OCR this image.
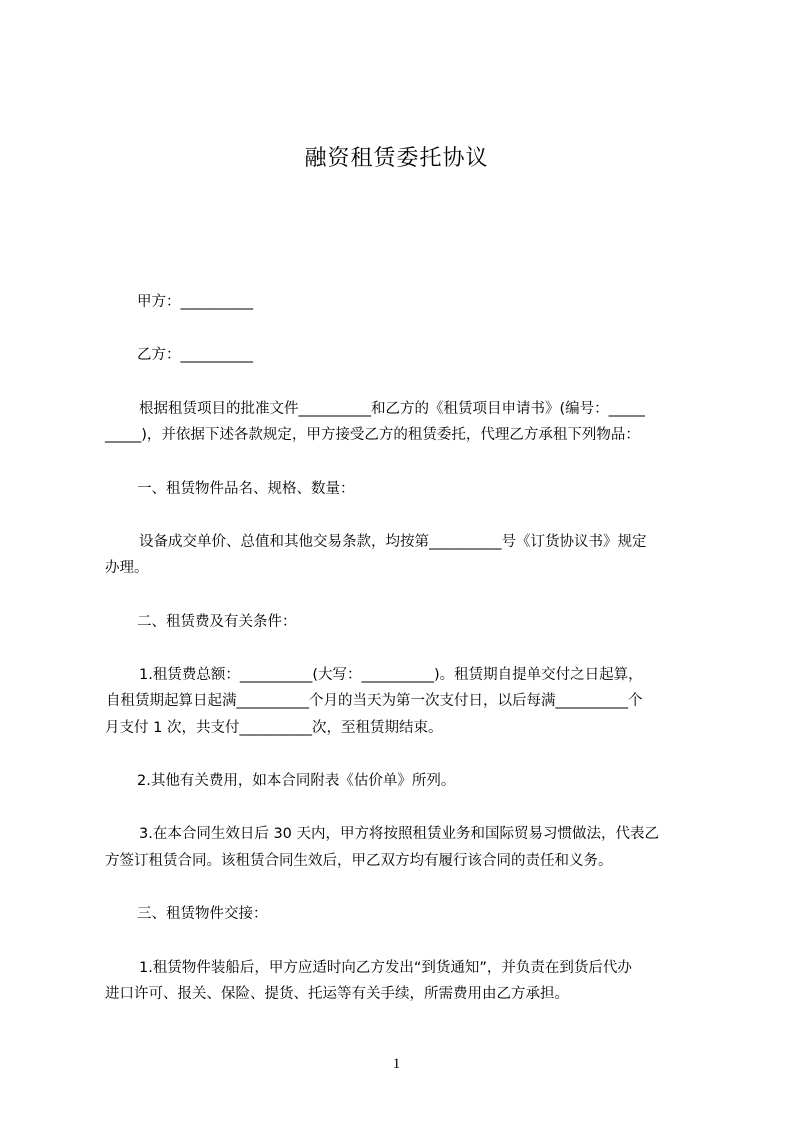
融资租赁委托协议
甲方：__________
乙方：__________
根据租赁项目的批准文件__________和乙方的《租赁项目申请书》(编号：_____
_____)，并依据下述各款规定，甲方接受乙方的租赁委托，代理乙方承租下列物品：
一、租赁物件品名、规格、数量：
设备成交单价、总值和其他交易条款，均按第__________号《订货协议书》规定
办理。
二、租赁费及有关条件：
1.租赁费总额：__________(大写：__________)。租赁期自提单交付之日起算，
自租赁期起算日起满__________个月的当天为第一次支付日，以后每满__________个
月支付 1 次，共支付__________次，至租赁期结束。
2.其他有关费用，如本合同附表《估价单》所列。
3.在本合同生效日后 30 天内，甲方将按照租赁业务和国际贸易习惯做法，代表乙
方签订租赁合同。该租赁合同生效后，甲乙双方均有履行该合同的责任和义务。
三、租赁物件交接：
1.租赁物件装船后，甲方应适时向乙方发出“到货通知”，并负责在到货后代办
进口许可、报关、保险、提货、托运等有关手续，所需费用由乙方承担。
1
